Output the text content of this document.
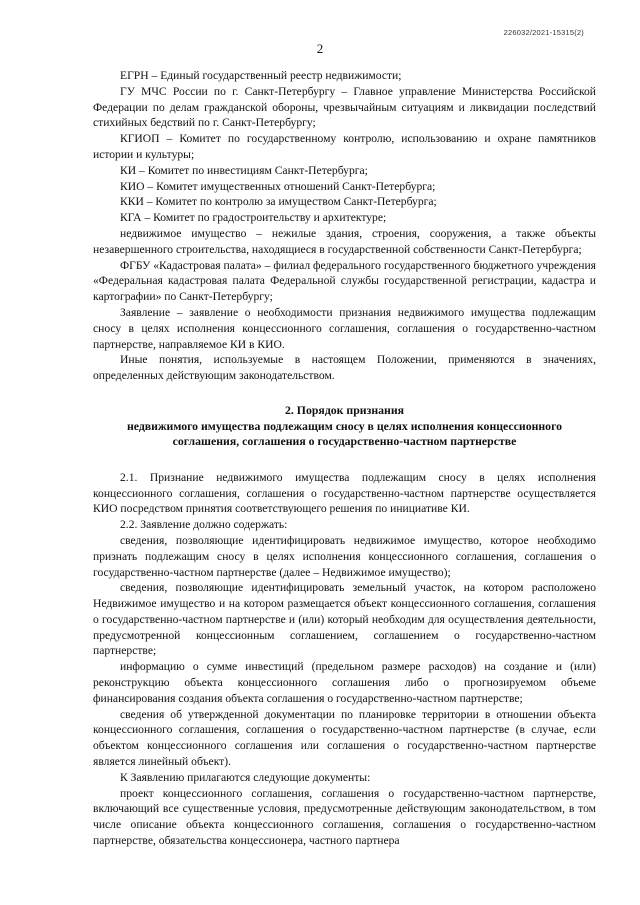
226032/2021-15315(2)
2

ЕГРН – Единый государственный реестр недвижимости;

ГУ МЧС России по г. Санкт-Петербургу – Главное управление Министерства Российской Федерации по делам гражданской обороны, чрезвычайным ситуациям и ликвидации последствий стихийных бедствий по г. Санкт-Петербургу;

КГИОП – Комитет по государственному контролю, использованию и охране памятников истории и культуры;

КИ – Комитет по инвестициям Санкт-Петербурга;

КИО – Комитет имущественных отношений Санкт-Петербурга;

ККИ – Комитет по контролю за имуществом Санкт-Петербурга;

КГА – Комитет по градостроительству и архитектуре;

недвижимое имущество – нежилые здания, строения, сооружения, а также объекты незавершенного строительства, находящиеся в государственной собственности Санкт-Петербурга;

ФГБУ «Кадастровая палата» – филиал федерального государственного бюджетного учреждения «Федеральная кадастровая палата Федеральной службы государственной регистрации, кадастра и картографии» по Санкт-Петербургу;

Заявление – заявление о необходимости признания недвижимого имущества подлежащим сносу в целях исполнения концессионного соглашения, соглашения о государственно-частном партнерстве, направляемое КИ в КИО.

Иные понятия, используемые в настоящем Положении, применяются в значениях, определенных действующим законодательством.

2. Порядок признания
недвижимого имущества подлежащим сносу в целях исполнения концессионного
соглашения, соглашения о государственно-частном партнерстве

2.1. Признание недвижимого имущества подлежащим сносу в целях исполнения концессионного соглашения, соглашения о государственно-частном партнерстве осуществляется КИО посредством принятия соответствующего решения по инициативе КИ.

2.2. Заявление должно содержать:

сведения, позволяющие идентифицировать недвижимое имущество, которое необходимо признать подлежащим сносу в целях исполнения концессионного соглашения, соглашения о государственно-частном партнерстве (далее – Недвижимое имущество);

сведения, позволяющие идентифицировать земельный участок, на котором расположено Недвижимое имущество и на котором размещается объект концессионного соглашения, соглашения о государственно-частном партнерстве и (или) который необходим для осуществления деятельности, предусмотренной концессионным соглашением, соглашением о государственно-частном партнерстве;

информацию о сумме инвестиций (предельном размере расходов) на создание и (или) реконструкцию объекта концессионного соглашения либо о прогнозируемом объеме финансирования создания объекта соглашения о государственно-частном партнерстве;

сведения об утвержденной документации по планировке территории в отношении объекта концессионного соглашения, соглашения о государственно-частном партнерстве (в случае, если объектом концессионного соглашения или соглашения о государственно-частном партнерстве является линейный объект).

К Заявлению прилагаются следующие документы:

проект концессионного соглашения, соглашения о государственно-частном партнерстве, включающий все существенные условия, предусмотренные действующим законодательством, в том числе описание объекта концессионного соглашения, соглашения о государственно-частном партнерстве, обязательства концессионера, частного партнера
